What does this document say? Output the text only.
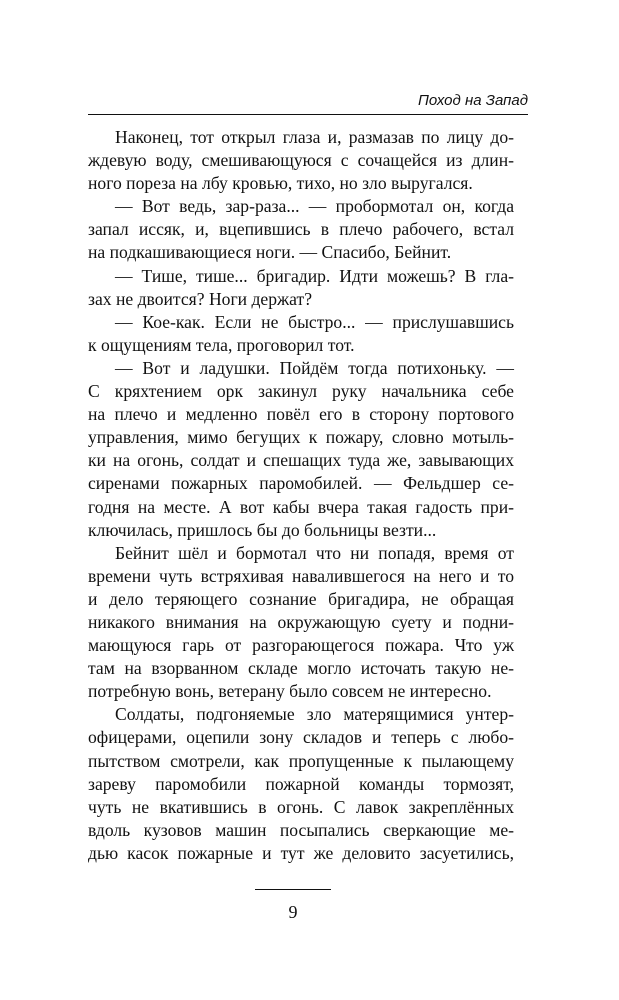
Поход на Запад

Наконец, тот открыл глаза и, размазав по лицу до-
ждевую воду, смешивающуюся с сочащейся из длин-
ного пореза на лбу кровью, тихо, но зло выругался.

— Вот ведь, зар-раза... — пробормотал он, когда
запал иссяк, и, вцепившись в плечо рабочего, встал
на подкашивающиеся ноги. — Спасибо, Бейнит.

— Тише, тише... бригадир. Идти можешь? В гла-
зах не двоится? Ноги держат?

— Кое-как. Если не быстро... — прислушавшись
к ощущениям тела, проговорил тот.

— Вот и ладушки. Пойдём тогда потихоньку. —
С кряхтением орк закинул руку начальника себе
на плечо и медленно повёл его в сторону портового
управления, мимо бегущих к пожару, словно мотыль-
ки на огонь, солдат и спешащих туда же, завывающих
сиренами пожарных паромобилей. — Фельдшер се-
годня на месте. А вот кабы вчера такая гадость при-
ключилась, пришлось бы до больницы везти...

Бейнит шёл и бормотал что ни попадя, время от
времени чуть встряхивая навалившегося на него и то
и дело теряющего сознание бригадира, не обращая
никакого внимания на окружающую суету и подни-
мающуюся гарь от разгорающегося пожара. Что уж
там на взорванном складе могло источать такую не-
потребную вонь, ветерану было совсем не интересно.

Солдаты, подгоняемые зло матерящимися унтер-
офицерами, оцепили зону складов и теперь с любо-
пытством смотрели, как пропущенные к пылающему
зареву паромобили пожарной команды тормозят,
чуть не вкатившись в огонь. С лавок закреплённых
вдоль кузовов машин посыпались сверкающие ме-
дью касок пожарные и тут же деловито засуетились,

9
